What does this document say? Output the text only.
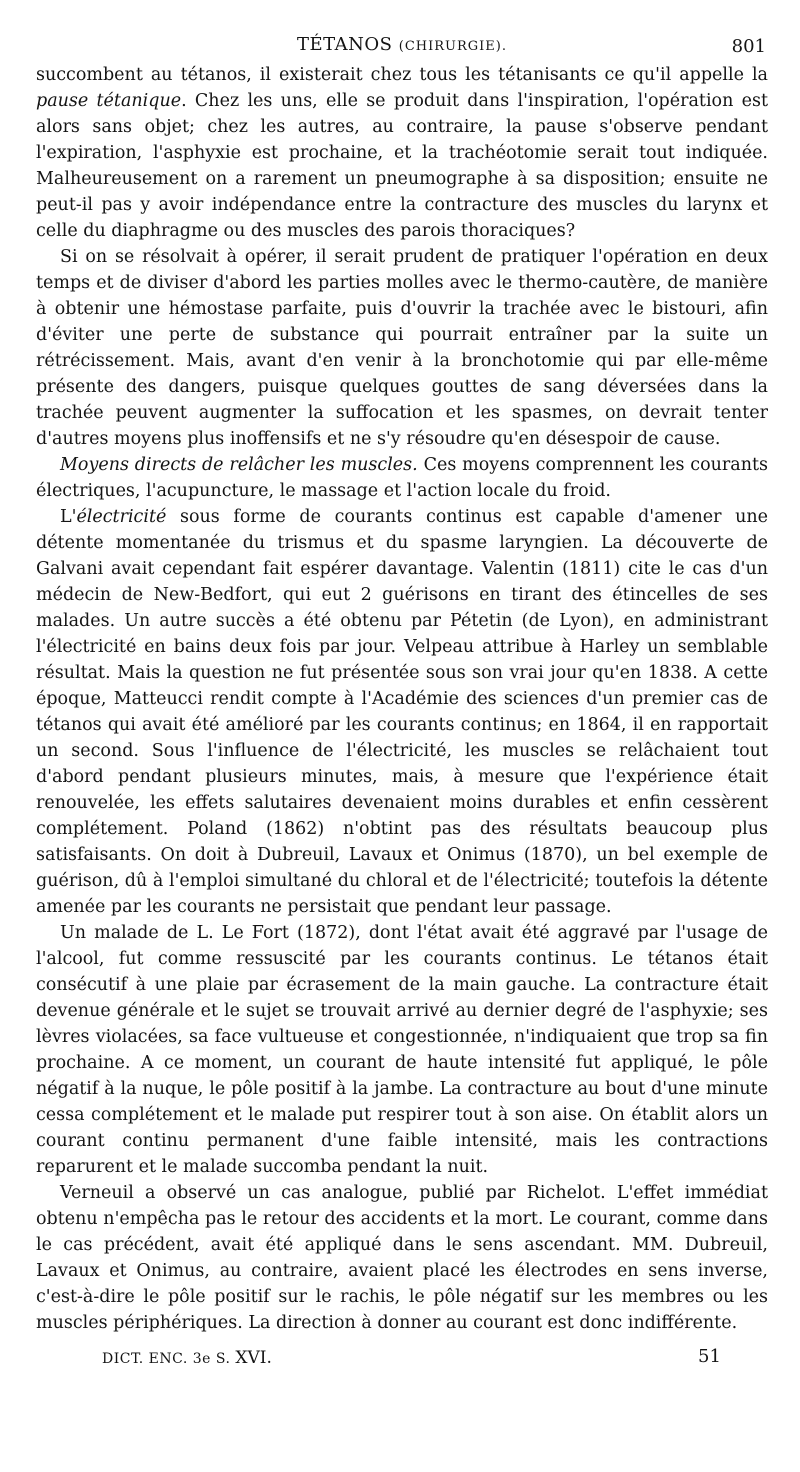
TÉTANOS (CHIRURGIE).	801

succombent au tétanos, il existerait chez tous les tétanisants ce qu'il appelle la pause tétanique. Chez les uns, elle se produit dans l'inspiration, l'opération est alors sans objet; chez les autres, au contraire, la pause s'observe pendant l'expiration, l'asphyxie est prochaine, et la trachéotomie serait tout indiquée. Malheureusement on a rarement un pneumographe à sa disposition; ensuite ne peut-il pas y avoir indépendance entre la contracture des muscles du larynx et celle du diaphragme ou des muscles des parois thoraciques?

Si on se résolvait à opérer, il serait prudent de pratiquer l'opération en deux temps et de diviser d'abord les parties molles avec le thermo-cautère, de manière à obtenir une hémostase parfaite, puis d'ouvrir la trachée avec le bistouri, afin d'éviter une perte de substance qui pourrait entraîner par la suite un rétrécissement. Mais, avant d'en venir à la bronchotomie qui par elle-même présente des dangers, puisque quelques gouttes de sang déversées dans la trachée peuvent augmenter la suffocation et les spasmes, on devrait tenter d'autres moyens plus inoffensifs et ne s'y résoudre qu'en désespoir de cause.

Moyens directs de relâcher les muscles. Ces moyens comprennent les courants électriques, l'acupuncture, le massage et l'action locale du froid.

L'électricité sous forme de courants continus est capable d'amener une détente momentanée du trismus et du spasme laryngien. La découverte de Galvani avait cependant fait espérer davantage. Valentin (1811) cite le cas d'un médecin de New-Bedfort, qui eut 2 guérisons en tirant des étincelles de ses malades. Un autre succès a été obtenu par Pétetin (de Lyon), en administrant l'électricité en bains deux fois par jour. Velpeau attribue à Harley un semblable résultat. Mais la question ne fut présentée sous son vrai jour qu'en 1838. A cette époque, Matteucci rendit compte à l'Académie des sciences d'un premier cas de tétanos qui avait été amélioré par les courants continus; en 1864, il en rapportait un second. Sous l'influence de l'électricité, les muscles se relâchaient tout d'abord pendant plusieurs minutes, mais, à mesure que l'expérience était renouvelée, les effets salutaires devenaient moins durables et enfin cessèrent complétement. Poland (1862) n'obtint pas des résultats beaucoup plus satisfaisants. On doit à Dubreuil, Lavaux et Onimus (1870), un bel exemple de guérison, dû à l'emploi simultané du chloral et de l'électricité; toutefois la détente amenée par les courants ne persistait que pendant leur passage.

Un malade de L. Le Fort (1872), dont l'état avait été aggravé par l'usage de l'alcool, fut comme ressuscité par les courants continus. Le tétanos était consécutif à une plaie par écrasement de la main gauche. La contracture était devenue générale et le sujet se trouvait arrivé au dernier degré de l'asphyxie; ses lèvres violacées, sa face vultueuse et congestionnée, n'indiquaient que trop sa fin prochaine. A ce moment, un courant de haute intensité fut appliqué, le pôle négatif à la nuque, le pôle positif à la jambe. La contracture au bout d'une minute cessa complétement et le malade put respirer tout à son aise. On établit alors un courant continu permanent d'une faible intensité, mais les contractions reparurent et le malade succomba pendant la nuit.

Verneuil a observé un cas analogue, publié par Richelot. L'effet immédiat obtenu n'empêcha pas le retour des accidents et la mort. Le courant, comme dans le cas précédent, avait été appliqué dans le sens ascendant. MM. Dubreuil, Lavaux et Onimus, au contraire, avaient placé les électrodes en sens inverse, c'est-à-dire le pôle positif sur le rachis, le pôle négatif sur les membres ou les muscles périphériques. La direction à donner au courant est donc indifférente.

DICT. ENC. 3e S. XVI.	51
